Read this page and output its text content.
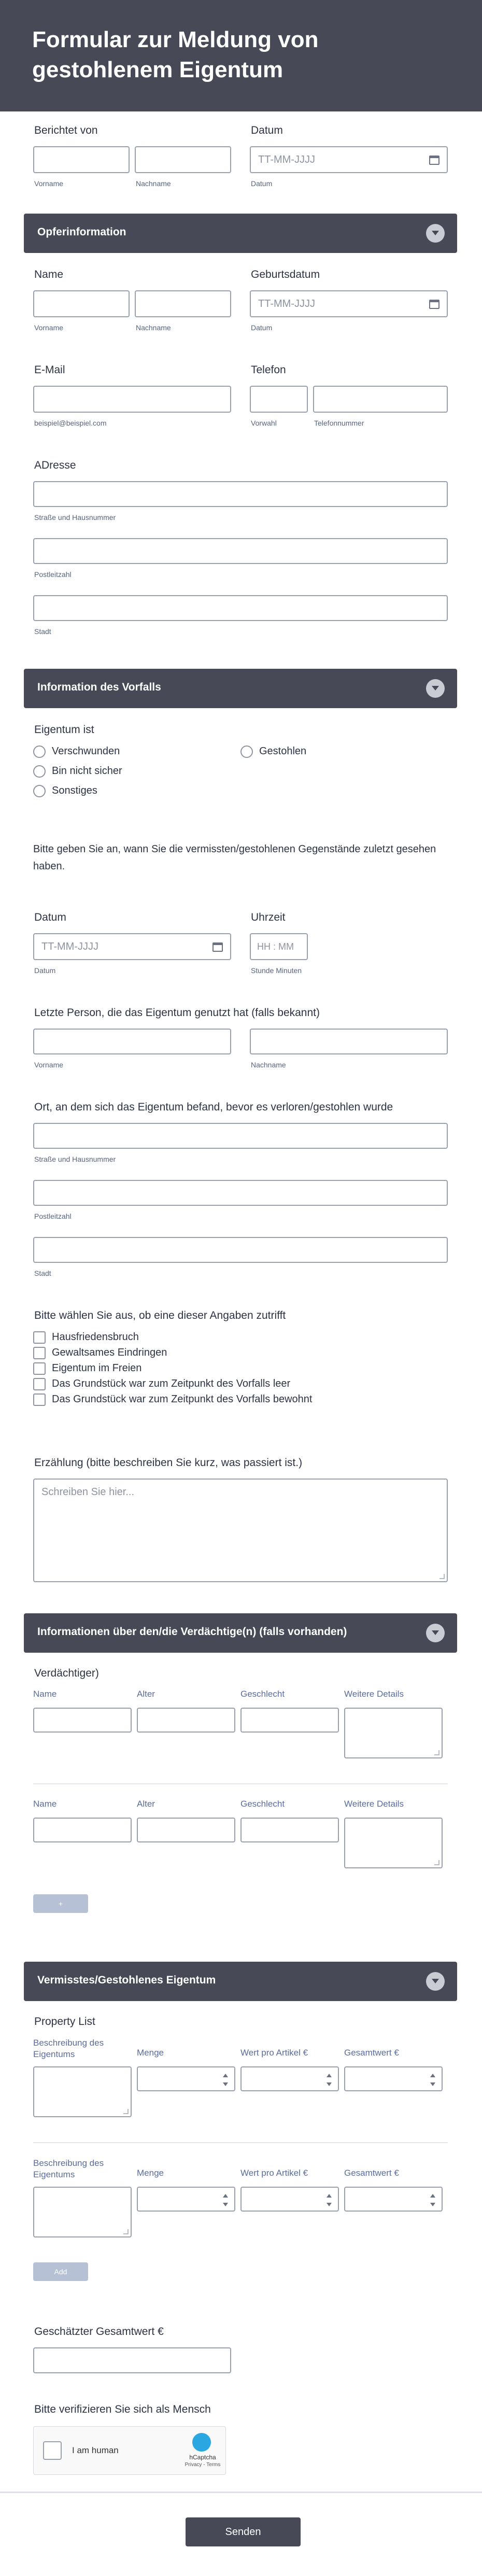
Formular zur Meldung von gestohlenem Eigentum
Berichtet von
Vorname	Nachname
Datum
TT-MM-JJJJ
Datum
Opferinformation
Name
Vorname	Nachname
Geburtsdatum
TT-MM-JJJJ
Datum
E-Mail
beispiel@beispiel.com
Telefon
Vorwahl	Telefonnummer
ADresse
Straße und Hausnummer
Postleitzahl
Stadt
Information des Vorfalls
Eigentum ist
Verschwunden	Gestohlen
Bin nicht sicher
Sonstiges
Bitte geben Sie an, wann Sie die vermissten/gestohlenen Gegenstände zuletzt gesehen haben.
Datum
TT-MM-JJJJ
Datum
Uhrzeit
HH : MM
Stunde Minuten
Letzte Person, die das Eigentum genutzt hat (falls bekannt)
Vorname	Nachname
Ort, an dem sich das Eigentum befand, bevor es verloren/gestohlen wurde
Straße und Hausnummer
Postleitzahl
Stadt
Bitte wählen Sie aus, ob eine dieser Angaben zutrifft
Hausfriedensbruch
Gewaltsames Eindringen
Eigentum im Freien
Das Grundstück war zum Zeitpunkt des Vorfalls leer
Das Grundstück war zum Zeitpunkt des Vorfalls bewohnt
Erzählung (bitte beschreiben Sie kurz, was passiert ist.)
Schreiben Sie hier...
Informationen über den/die Verdächtige(n) (falls vorhanden)
Verdächtiger)
Name	Alter	Geschlecht	Weitere Details
Name	Alter	Geschlecht	Weitere Details
+
Vermisstes/Gestohlenes Eigentum
Property List
Beschreibung des Eigentums	Menge	Wert pro Artikel €	Gesamtwert €
Beschreibung des Eigentums	Menge	Wert pro Artikel €	Gesamtwert €
Add
Geschätzter Gesamtwert €
Bitte verifizieren Sie sich als Mensch
I am human
hCaptcha
Privacy - Terms
Senden
